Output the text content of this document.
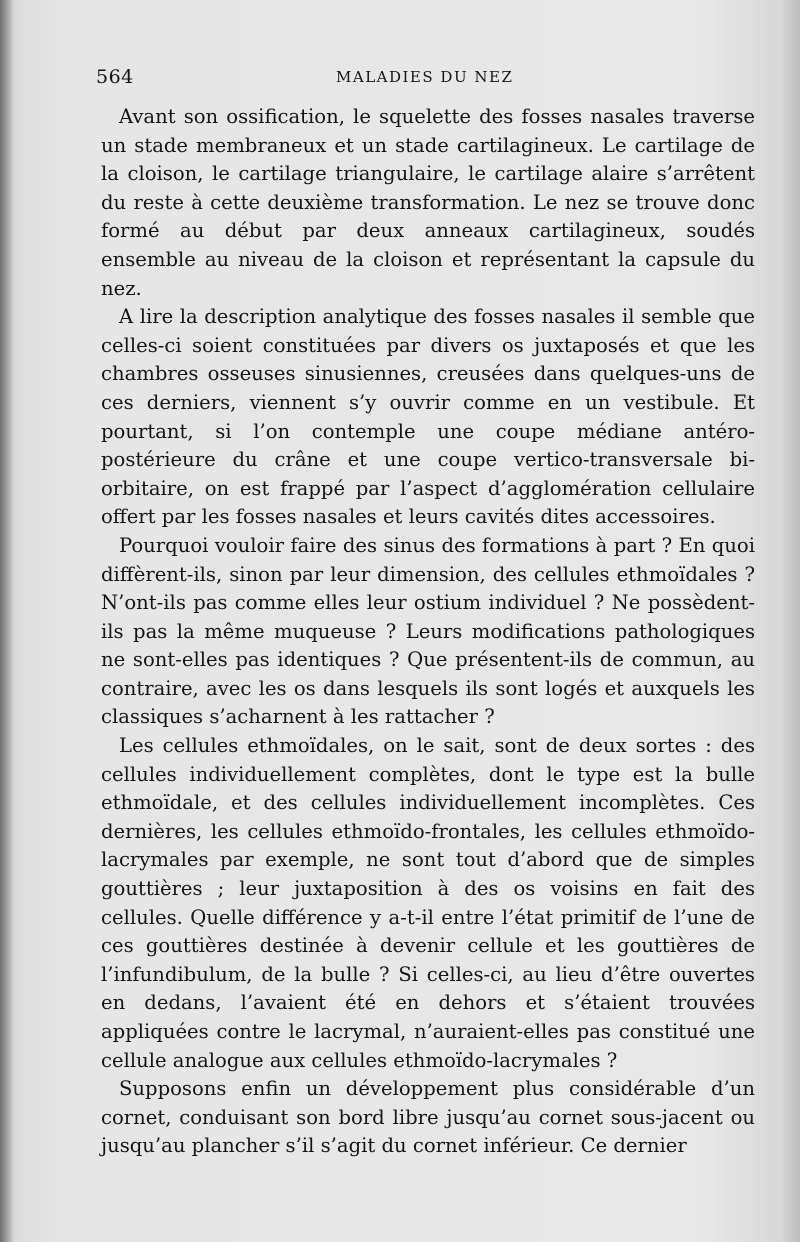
564	MALADIES DU NEZ

Avant son ossification, le squelette des fosses nasales traverse un stade membraneux et un stade cartilagineux. Le cartilage de la cloison, le cartilage triangulaire, le cartilage alaire s’arrêtent du reste à cette deuxième transformation. Le nez se trouve donc formé au début par deux anneaux cartilagineux, soudés ensemble au niveau de la cloison et représentant la capsule du nez.

A lire la description analytique des fosses nasales il semble que celles-ci soient constituées par divers os juxtaposés et que les chambres osseuses sinusiennes, creusées dans quelques-uns de ces derniers, viennent s’y ouvrir comme en un vestibule. Et pourtant, si l’on contemple une coupe médiane antéro-postérieure du crâne et une coupe vertico-transversale bi-orbitaire, on est frappé par l’aspect d’agglomération cellulaire offert par les fosses nasales et leurs cavités dites accessoires.

Pourquoi vouloir faire des sinus des formations à part ? En quoi diffèrent-ils, sinon par leur dimension, des cellules ethmoïdales ? N’ont-ils pas comme elles leur ostium individuel ? Ne possèdent-ils pas la même muqueuse ? Leurs modifications pathologiques ne sont-elles pas identiques ? Que présentent-ils de commun, au contraire, avec les os dans lesquels ils sont logés et auxquels les classiques s’acharnent à les rattacher ?

Les cellules ethmoïdales, on le sait, sont de deux sortes : des cellules individuellement complètes, dont le type est la bulle ethmoïdale, et des cellules individuellement incomplètes. Ces dernières, les cellules ethmoïdo-frontales, les cellules ethmoïdo-lacrymales par exemple, ne sont tout d’abord que de simples gouttières ; leur juxtaposition à des os voisins en fait des cellules. Quelle différence y a-t-il entre l’état primitif de l’une de ces gouttières destinée à devenir cellule et les gouttières de l’infundibulum, de la bulle ? Si celles-ci, au lieu d’être ouvertes en dedans, l’avaient été en dehors et s’étaient trouvées appliquées contre le lacrymal, n’auraient-elles pas constitué une cellule analogue aux cellules ethmoïdo-lacrymales ?

Supposons enfin un développement plus considérable d’un cornet, conduisant son bord libre jusqu’au cornet sous-jacent ou jusqu’au plancher s’il s’agit du cornet inférieur. Ce dernier
